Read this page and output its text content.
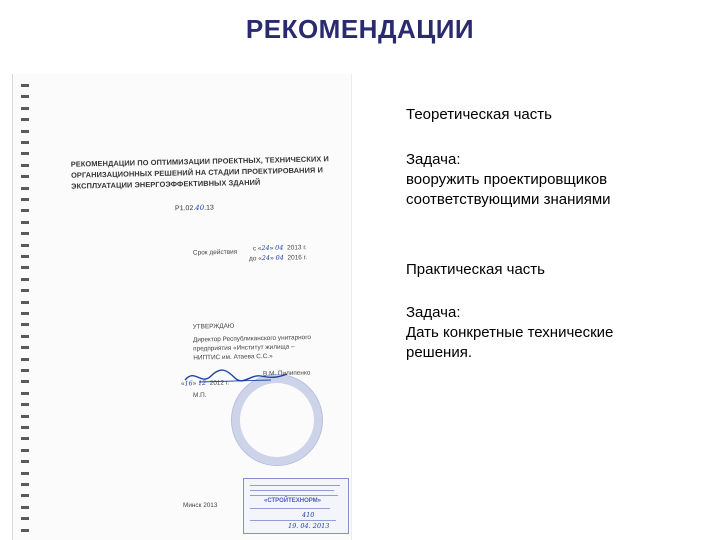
РЕКОМЕНДАЦИИ
РЕКОМЕНДАЦИИ ПО ОПТИМИЗАЦИИ ПРОЕКТНЫХ, ТЕХНИЧЕСКИХ И
ОРГАНИЗАЦИОННЫХ РЕШЕНИЙ НА СТАДИИ ПРОЕКТИРОВАНИЯ И
ЭКСПЛУАТАЦИИ ЭНЕРГОЭФФЕКТИВНЫХ ЗДАНИЙ
Р1.02.40.13
Срок действия с «24» 04 2013 г.
до «24» 04 2016 г.
УТВЕРЖДАЮ
Директор Республиканского унитарного
предприятия «Институт жилища –
НИПТИС им. Атаева С.С.»
В.М. Пилипенко
«16» 12 2012 г.
М.П.
Минск 2013
«СТРОЙТЕХНОРМ»
410
19. 04. 2013
Теоретическая часть
Задача:
вооружить проектировщиков
соответствующими знаниями
Практическая часть
Задача:
Дать конкретные технические
решения.
